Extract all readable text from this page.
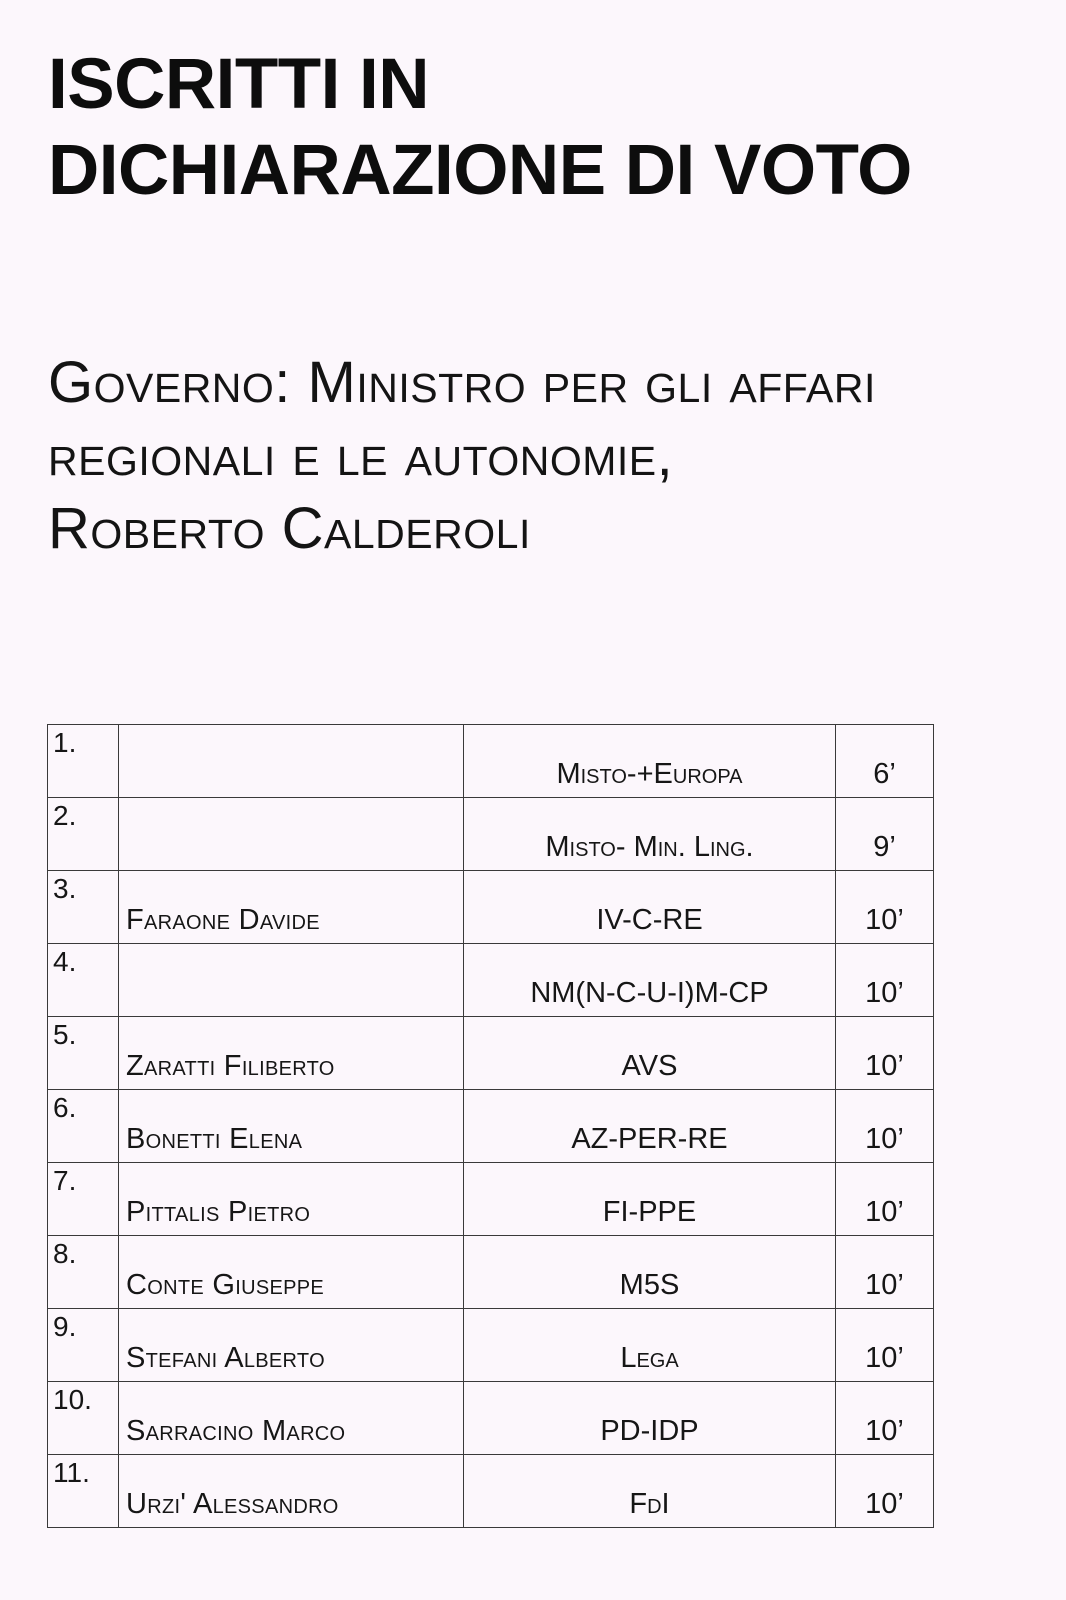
ISCRITTI IN
DICHIARAZIONE DI VOTO
Governo: Ministro per gli affari
regionali e le autonomie,
Roberto Calderoli
1.		Misto-+Europa	6’
2.		Misto- Min. Ling.	9’
3.	Faraone Davide	IV-C-RE	10’
4.		NM(N-C-U-I)M-CP	10’
5.	Zaratti Filiberto	AVS	10’
6.	Bonetti Elena	AZ-PER-RE	10’
7.	Pittalis Pietro	FI-PPE	10’
8.	Conte Giuseppe	M5S	10’
9.	Stefani Alberto	Lega	10’
10.	Sarracino Marco	PD-IDP	10’
11.	Urzi' Alessandro	FdI	10’
